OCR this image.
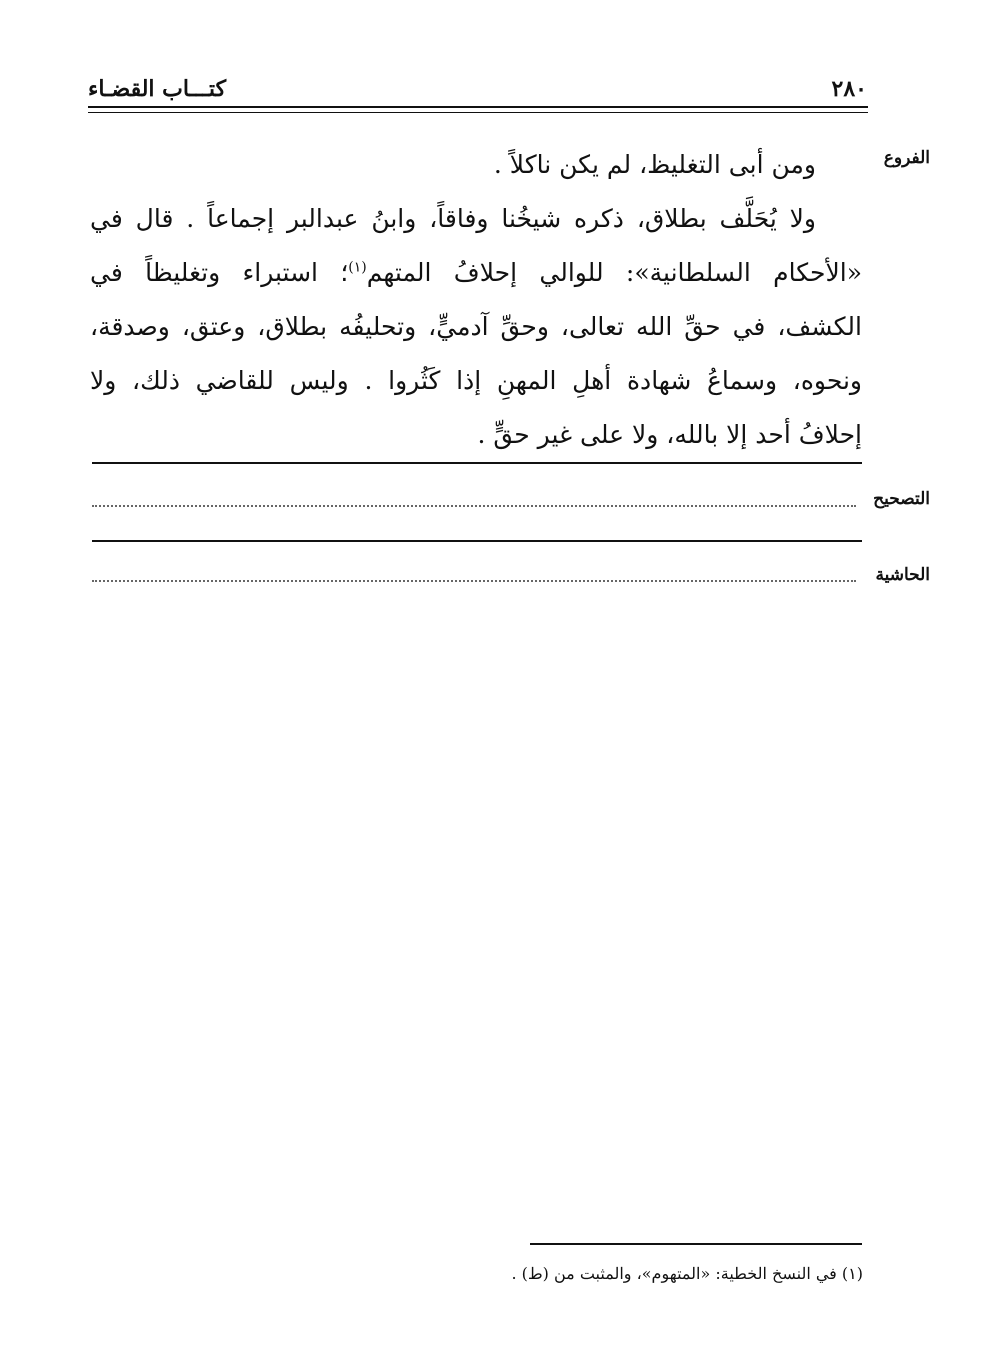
كتـــاب القضـاء	٢٨٠
الفروع
ومن أبى التغليظ، لم يكن ناكلاً .
ولا يُحَلَّف بطلاق، ذكره شيخُنا وفاقاً، وابنُ عبدالبر إجماعاً . قال في
«الأحكام السلطانية»: للوالي إحلافُ المتهم$^{(١)}$؛ استبراء وتغليظاً في
الكشف، في حقِّ الله تعالى، وحقِّ آدميٍّ، وتحليفُه بطلاق، وعتق، وصدقة،
ونحوه، وسماعُ شهادة أهلِ المهنِ إذا كَثُروا . وليس للقاضي ذلك، ولا
إحلافُ أحد إلا بالله، ولا على غير حقٍّ .
التصحيح
الحاشية
(١) في النسخ الخطية: «المتهوم»، والمثبت من (ط) .
